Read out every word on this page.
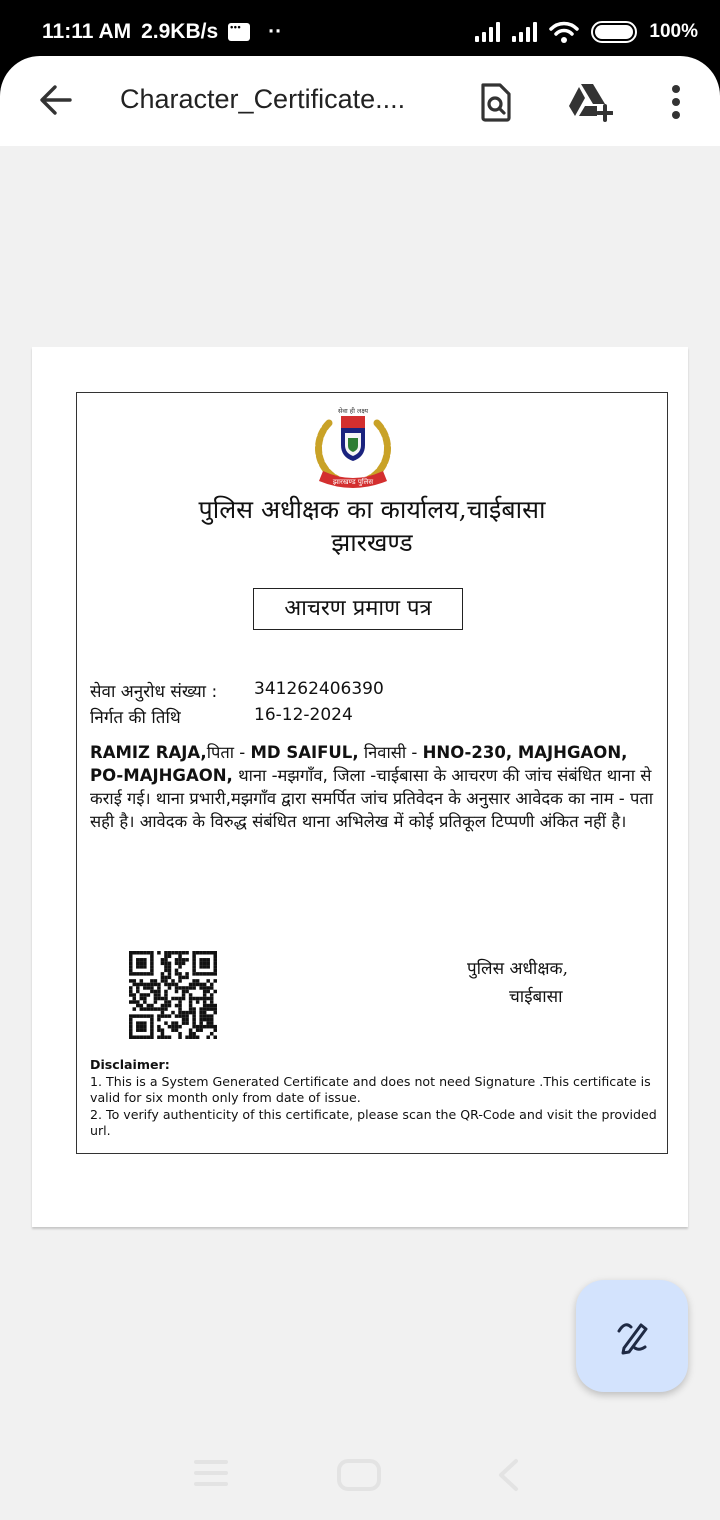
11:11 AM 2.9KB/s
• • • ··	100%
Character_Certificate....
सेवा ही लक्ष्य
झारखण्ड पुलिस
पुलिस अधीक्षक का कार्यालय,चाईबासा
झारखण्ड
आचरण प्रमाण पत्र
सेवा अनुरोध संख्या : 341262406390
निर्गत की तिथि	16-12-2024
RAMIZ RAJA,पिता - MD SAIFUL, निवासी - HNO-230, MAJHGAON, PO-MAJHGAON, थाना -मझगाँव, जिला -चाईबासा के आचरण की जांच संबंधित थाना से कराई गई। थाना प्रभारी,मझगाँव द्वारा समर्पित जांच प्रतिवेदन के अनुसार आवेदक का नाम - पता सही है। आवेदक के विरुद्ध संबंधित थाना अभिलेख में कोई प्रतिकूल टिप्पणी अंकित नहीं है।
पुलिस अधीक्षक,
चाईबासा
Disclaimer:
1. This is a System Generated Certificate and does not need Signature .This certificate is valid for six month only from date of issue.
2. To verify authenticity of this certificate, please scan the QR-Code and visit the provided url.
